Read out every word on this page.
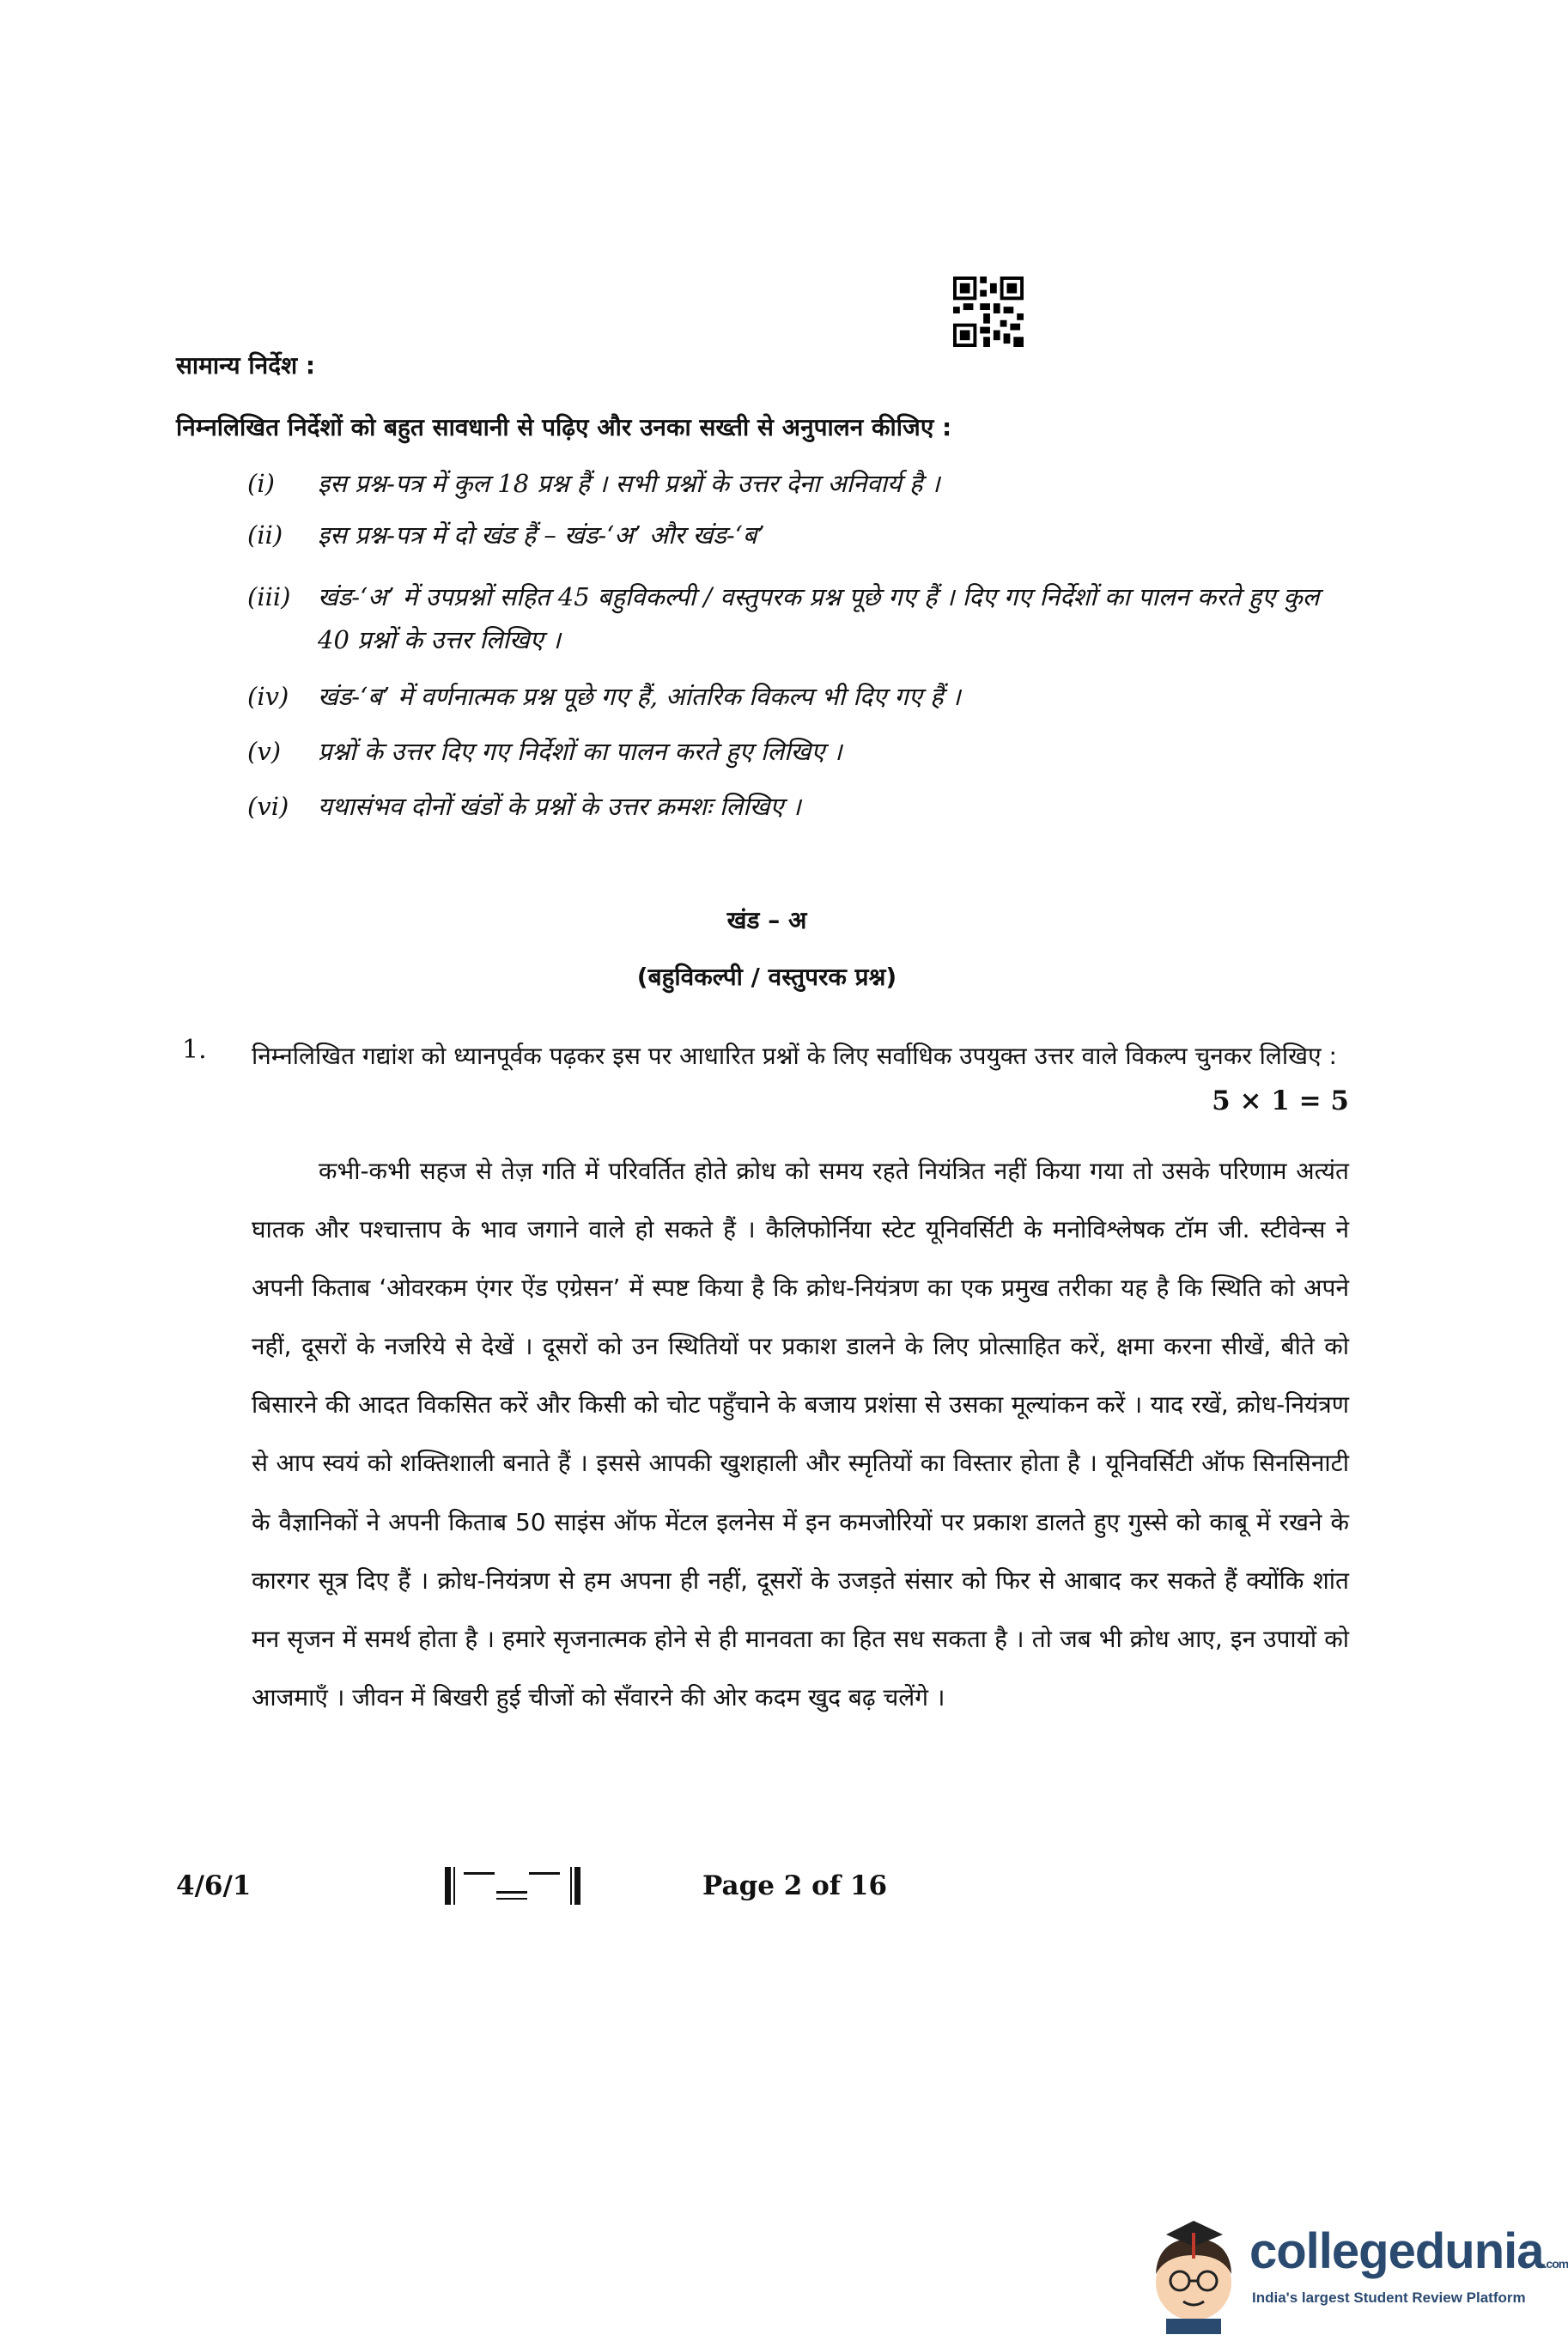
सामान्य निर्देश :
निम्नलिखित निर्देशों को बहुत सावधानी से पढ़िए और उनका सख्ती से अनुपालन कीजिए :
(i)	इस प्रश्न-पत्र में कुल 18 प्रश्न हैं । सभी प्रश्नों के उत्तर देना अनिवार्य है ।
(ii)	इस प्रश्न-पत्र में दो खंड हैं – खंड-‘अ’ और खंड-‘ब’
(iii)	खंड-‘अ’ में उपप्रश्नों सहित 45 बहुविकल्पी / वस्तुपरक प्रश्न पूछे गए हैं । दिए गए निर्देशों का पालन करते हुए कुल 40 प्रश्नों के उत्तर लिखिए ।
(iv)	खंड-‘ब’ में वर्णनात्मक प्रश्न पूछे गए हैं, आंतरिक विकल्प भी दिए गए हैं ।
(v)	प्रश्नों के उत्तर दिए गए निर्देशों का पालन करते हुए लिखिए ।
(vi)	यथासंभव दोनों खंडों के प्रश्नों के उत्तर क्रमशः लिखिए ।
खंड – अ
(बहुविकल्पी / वस्तुपरक प्रश्न)
1. निम्नलिखित गद्यांश को ध्यानपूर्वक पढ़कर इस पर आधारित प्रश्नों के लिए सर्वाधिक उपयुक्त उत्तर वाले विकल्प चुनकर लिखिए :
5 × 1 = 5
कभी-कभी सहज से तेज़ गति में परिवर्तित होते क्रोध को समय रहते नियंत्रित नहीं किया गया तो उसके परिणाम अत्यंत घातक और पश्चात्ताप के भाव जगाने वाले हो सकते हैं । कैलिफोर्निया स्टेट यूनिवर्सिटी के मनोविश्लेषक टॉम जी. स्टीवेन्स ने अपनी किताब ‘ओवरकम एंगर ऐंड एग्रेसन’ में स्पष्ट किया है कि क्रोध-नियंत्रण का एक प्रमुख तरीका यह है कि स्थिति को अपने नहीं, दूसरों के नजरिये से देखें । दूसरों को उन स्थितियों पर प्रकाश डालने के लिए प्रोत्साहित करें, क्षमा करना सीखें, बीते को बिसारने की आदत विकसित करें और किसी को चोट पहुँचाने के बजाय प्रशंसा से उसका मूल्यांकन करें । याद रखें, क्रोध-नियंत्रण से आप स्वयं को शक्तिशाली बनाते हैं । इससे आपकी खुशहाली और स्मृतियों का विस्तार होता है । यूनिवर्सिटी ऑफ सिनसिनाटी के वैज्ञानिकों ने अपनी किताब 50 साइंस ऑफ मेंटल इलनेस में इन कमजोरियों पर प्रकाश डालते हुए गुस्से को काबू में रखने के कारगर सूत्र दिए हैं । क्रोध-नियंत्रण से हम अपना ही नहीं, दूसरों के उजड़ते संसार को फिर से आबाद कर सकते हैं क्योंकि शांत मन सृजन में समर्थ होता है । हमारे सृजनात्मक होने से ही मानवता का हित सध सकता है । तो जब भी क्रोध आए, इन उपायों को आजमाएँ । जीवन में बिखरी हुई चीजों को सँवारने की ओर कदम खुद बढ़ चलेंगे ।
4/6/1	Page 2 of 16
collegedunia.com
India's largest Student Review Platform
